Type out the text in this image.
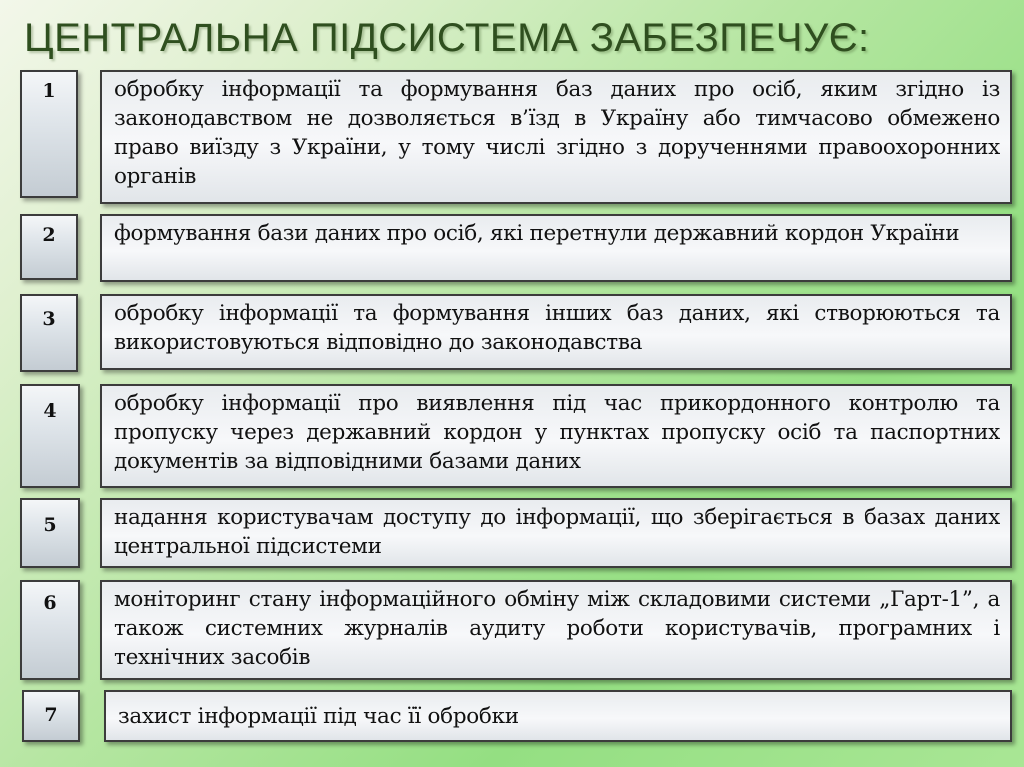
ЦЕНТРАЛЬНА ПІДСИСТЕМА ЗАБЕЗПЕЧУЄ:
1	обробку інформації та формування баз даних про осіб, яким згідно із законодавством не дозволяється в’їзд в Україну або тимчасово обмежено право виїзду з України, у тому числі згідно з дорученнями правоохоронних органів
2	формування бази даних про осіб, які перетнули державний кордон України
3	обробку інформації та формування інших баз даних, які створюються та використовуються відповідно до законодавства
4	обробку інформації про виявлення під час прикордонного контролю та пропуску через державний кордон у пунктах пропуску осіб та паспортних документів за відповідними базами даних
5	надання користувачам доступу до інформації, що зберігається в базах даних центральної підсистеми
6	моніторинг стану інформаційного обміну між складовими системи „Гарт-1”, а також системних журналів аудиту роботи користувачів, програмних і технічних засобів
7	захист інформації під час її обробки
